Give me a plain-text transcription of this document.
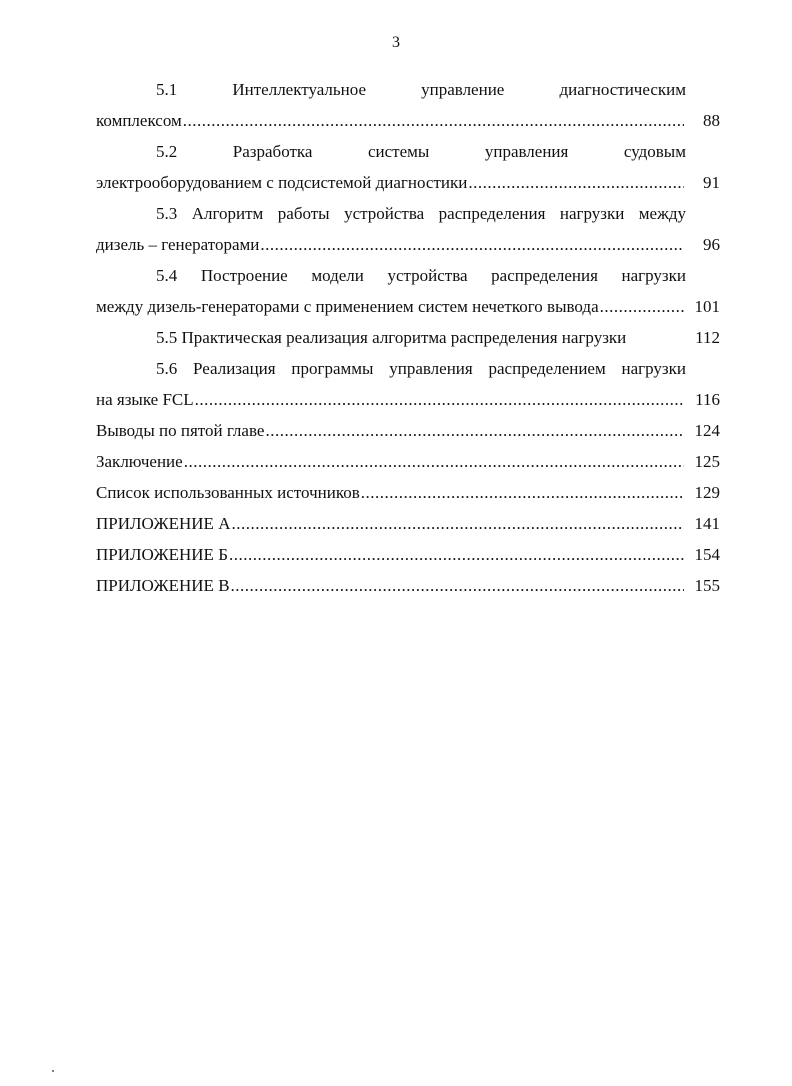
3
5.1 Интеллектуальное управление диагностическим
комплексом .....	88
5.2 Разработка системы управления судовым
электрооборудованием с подсистемой диагностики .....	91
5.3 Алгоритм работы устройства распределения нагрузки между
дизель – генераторами .....	96
5.4 Построение модели устройства распределения нагрузки
между дизель-генераторами с применением систем нечеткого вывода .....	101
5.5 Практическая реализация алгоритма распределения нагрузки	112
5.6 Реализация программы управления распределением нагрузки
на языке FCL .....	116
Выводы по пятой главе .....	124
Заключение .....	125
Список использованных источников .....	129
ПРИЛОЖЕНИЕ А .....	141
ПРИЛОЖЕНИЕ Б .....	154
ПРИЛОЖЕНИЕ В .....	155
